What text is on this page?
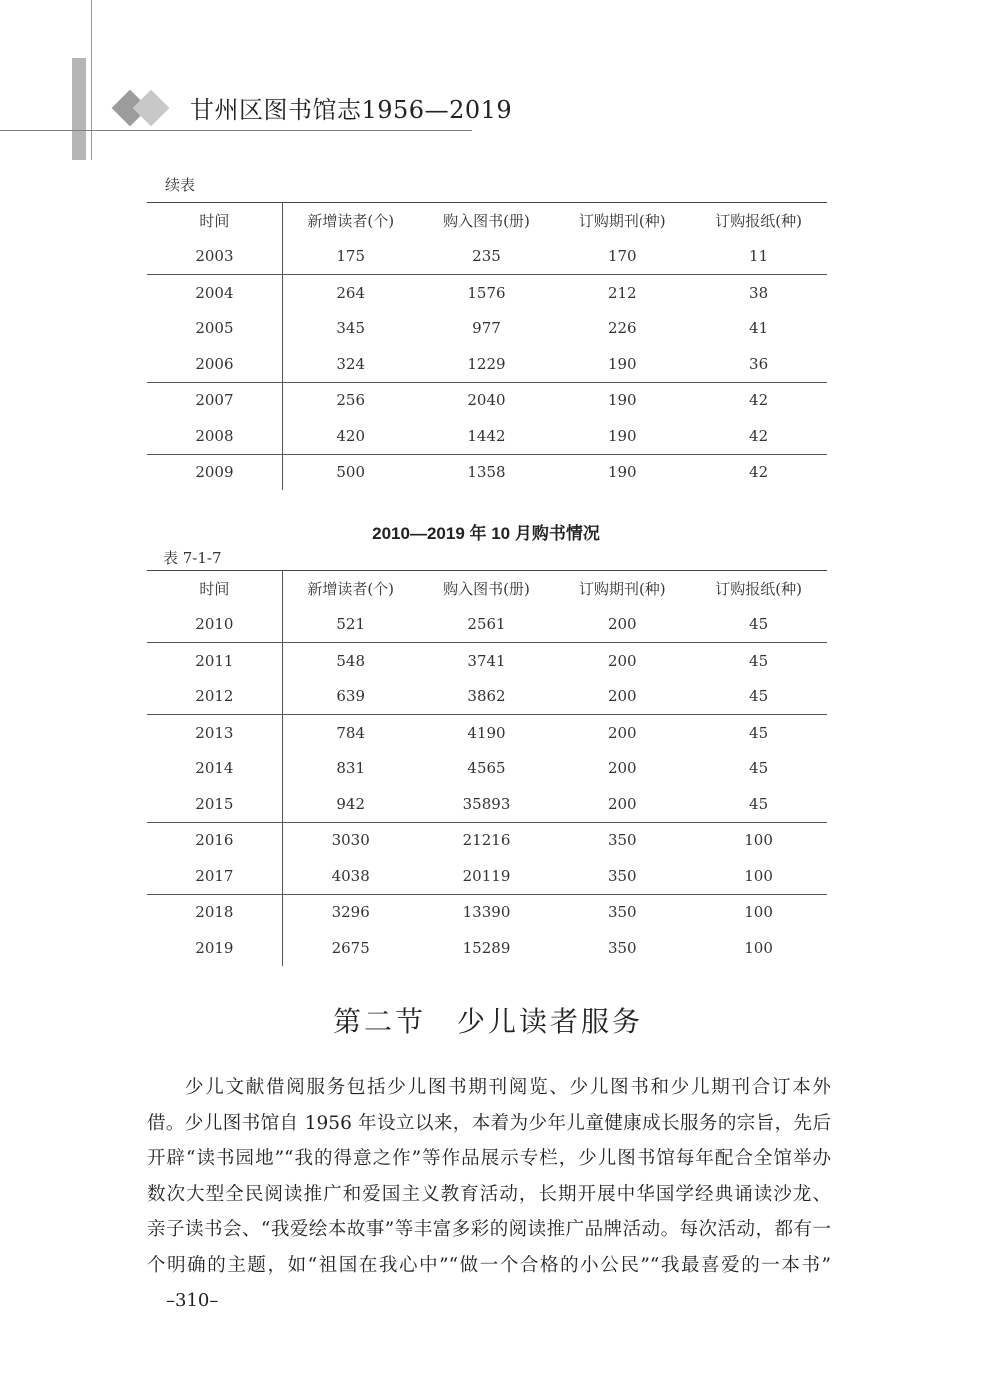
甘州区图书馆志1956—2019
续表
时间	新增读者(个)	购入图书(册)	订购期刊(种)	订购报纸(种)
2003	175	235	170	11
2004	264	1576	212	38
2005	345	977	226	41
2006	324	1229	190	36
2007	256	2040	190	42
2008	420	1442	190	42
2009	500	1358	190	42
2010—2019 年 10 月购书情况
表 7-1-7
时间	新增读者(个)	购入图书(册)	订购期刊(种)	订购报纸(种)
2010	521	2561	200	45
2011	548	3741	200	45
2012	639	3862	200	45
2013	784	4190	200	45
2014	831	4565	200	45
2015	942	35893	200	45
2016	3030	21216	350	100
2017	4038	20119	350	100
2018	3296	13390	350	100
2019	2675	15289	350	100
第二节　少儿读者服务
少儿文献借阅服务包括少儿图书期刊阅览、少儿图书和少儿期刊合订本外
借。少儿图书馆自 1956 年设立以来，本着为少年儿童健康成长服务的宗旨，先后
开辟“读书园地”“我的得意之作”等作品展示专栏，少儿图书馆每年配合全馆举办
数次大型全民阅读推广和爱国主义教育活动，长期开展中华国学经典诵读沙龙、
亲子读书会、“我爱绘本故事”等丰富多彩的阅读推广品牌活动。每次活动，都有一
个明确的主题，如“祖国在我心中”“做一个合格的小公民”“我最喜爱的一本书”
–310–
